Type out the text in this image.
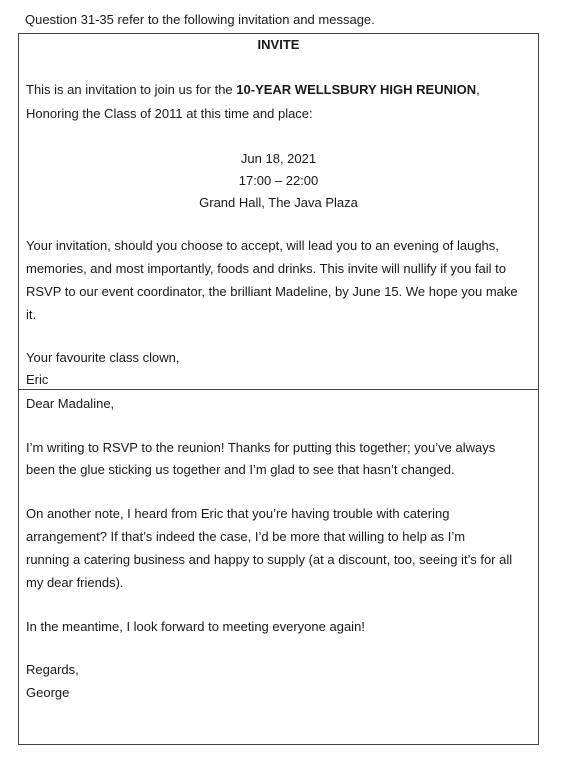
Question 31-35 refer to the following invitation and message.
INVITE
This is an invitation to join us for the 10-YEAR WELLSBURY HIGH REUNION,
Honoring the Class of 2011 at this time and place:
Jun 18, 2021
17:00 – 22:00
Grand Hall, The Java Plaza
Your invitation, should you choose to accept, will lead you to an evening of laughs,
memories, and most importantly, foods and drinks. This invite will nullify if you fail to
RSVP to our event coordinator, the brilliant Madeline, by June 15. We hope you make
it.
Your favourite class clown,
Eric
Dear Madaline,
I’m writing to RSVP to the reunion! Thanks for putting this together; you’ve always
been the glue sticking us together and I’m glad to see that hasn’t changed.
On another note, I heard from Eric that you’re having trouble with catering
arrangement? If that’s indeed the case, I’d be more that willing to help as I’m
running a catering business and happy to supply (at a discount, too, seeing it’s for all
my dear friends).
In the meantime, I look forward to meeting everyone again!
Regards,
George
